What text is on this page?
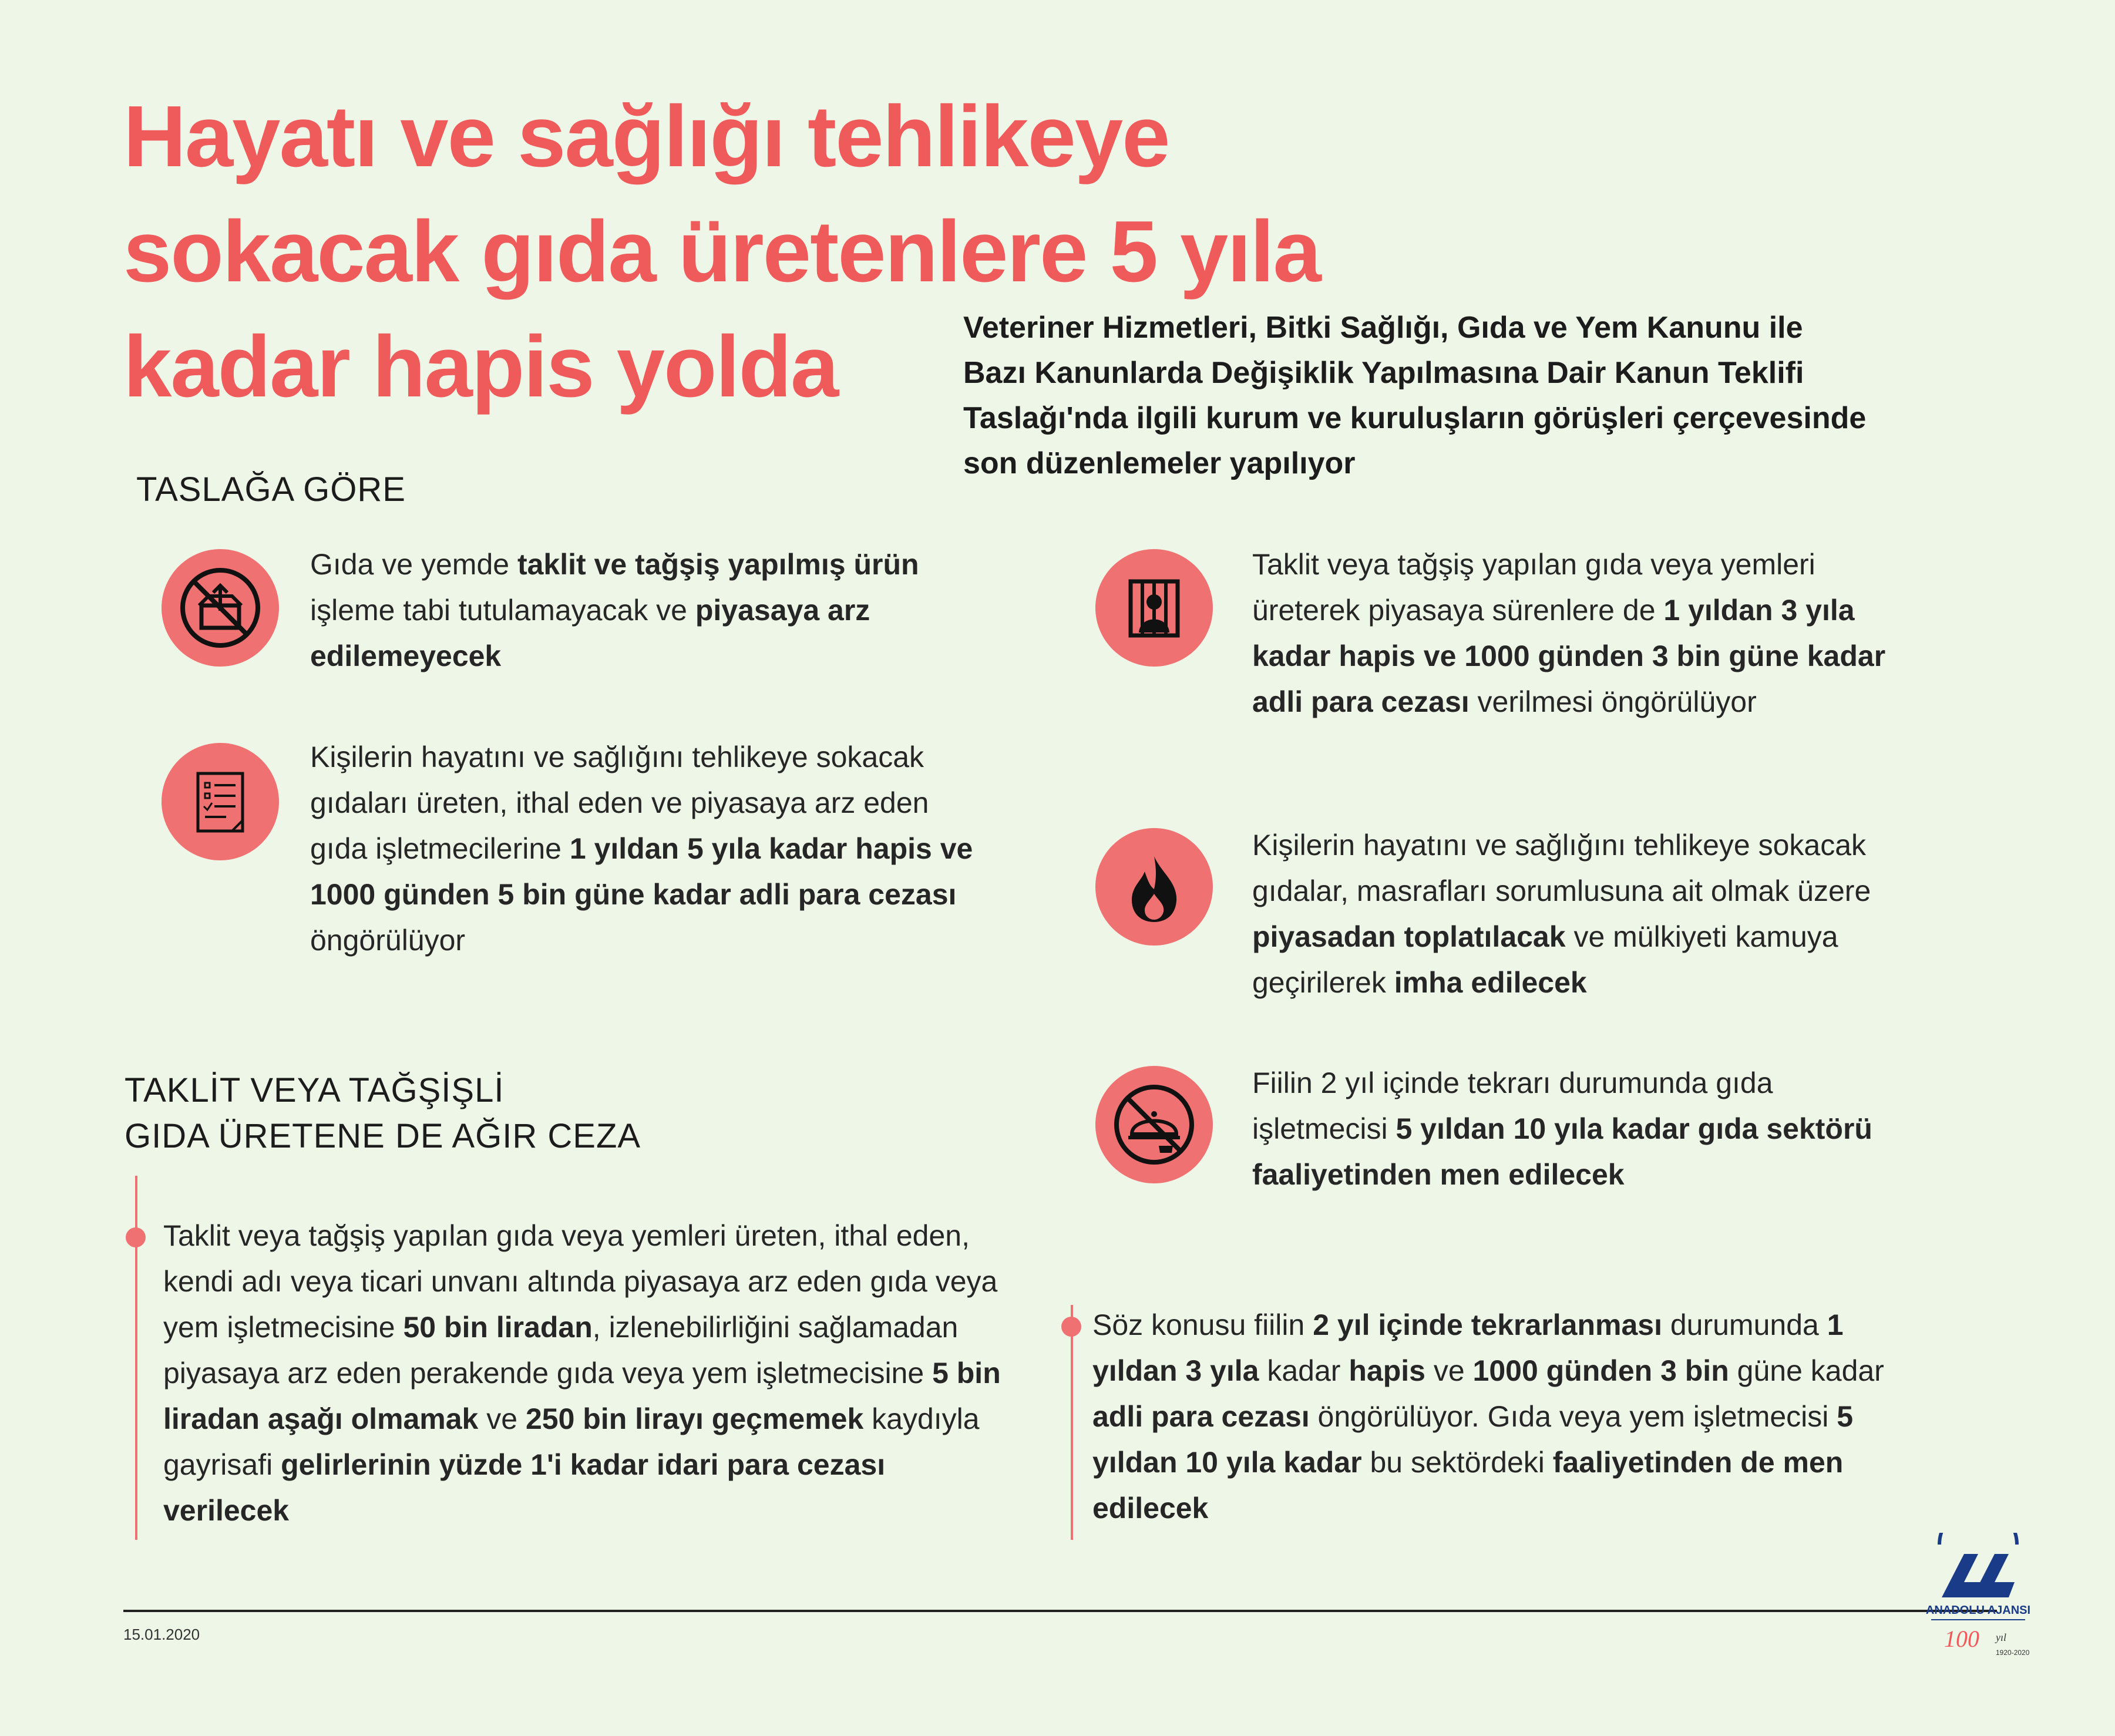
Hayatı ve sağlığı tehlikeye
sokacak gıda üretenlere 5 yıla
kadar hapis yolda	Veteriner Hizmetleri, Bitki Sağlığı, Gıda ve Yem Kanunu ile
Bazı Kanunlarda Değişiklik Yapılmasına Dair Kanun Teklifi
Taslağı'nda ilgili kurum ve kuruluşların görüşleri çerçevesinde
son düzenlemeler yapılıyor
TASLAĞA GÖRE
Gıda ve yemde taklit ve tağşiş yapılmış ürün işleme tabi tutulamayacak ve piyasaya arz edilemeyecek
Kişilerin hayatını ve sağlığını tehlikeye sokacak gıdaları üreten, ithal eden ve piyasaya arz eden gıda işletmecilerine 1 yıldan 5 yıla kadar hapis ve 1000 günden 5 bin güne kadar adli para cezası öngörülüyor
Taklit veya tağşiş yapılan gıda veya yemleri üreterek piyasaya sürenlere de 1 yıldan 3 yıla kadar hapis ve 1000 günden 3 bin güne kadar adli para cezası verilmesi öngörülüyor
Kişilerin hayatını ve sağlığını tehlikeye sokacak gıdalar, masrafları sorumlusuna ait olmak üzere piyasadan toplatılacak ve mülkiyeti kamuya geçirilerek imha edilecek
Fiilin 2 yıl içinde tekrarı durumunda gıda işletmecisi 5 yıldan 10 yıla kadar gıda sektörü faaliyetinden men edilecek
TAKLİT VEYA TAĞŞİŞLİ
GIDA ÜRETENE DE AĞIR CEZA
Taklit veya tağşiş yapılan gıda veya yemleri üreten, ithal eden, kendi adı veya ticari unvanı altında piyasaya arz eden gıda veya yem işletmecisine 50 bin liradan, izlenebilirliğini sağlamadan piyasaya arz eden perakende gıda veya yem işletmecisine 5 bin liradan aşağı olmamak ve 250 bin lirayı geçmemek kaydıyla gayrisafi gelirlerinin yüzde 1'i kadar idari para cezası verilecek
Söz konusu fiilin 2 yıl içinde tekrarlanması durumunda 1 yıldan 3 yıla kadar hapis ve 1000 günden 3 bin güne kadar adli para cezası öngörülüyor. Gıda veya yem işletmecisi 5 yıldan 10 yıla kadar bu sektördeki faaliyetinden de men edilecek
15.01.2020
ANADOLU AJANSI
100 yıl
1920-2020
